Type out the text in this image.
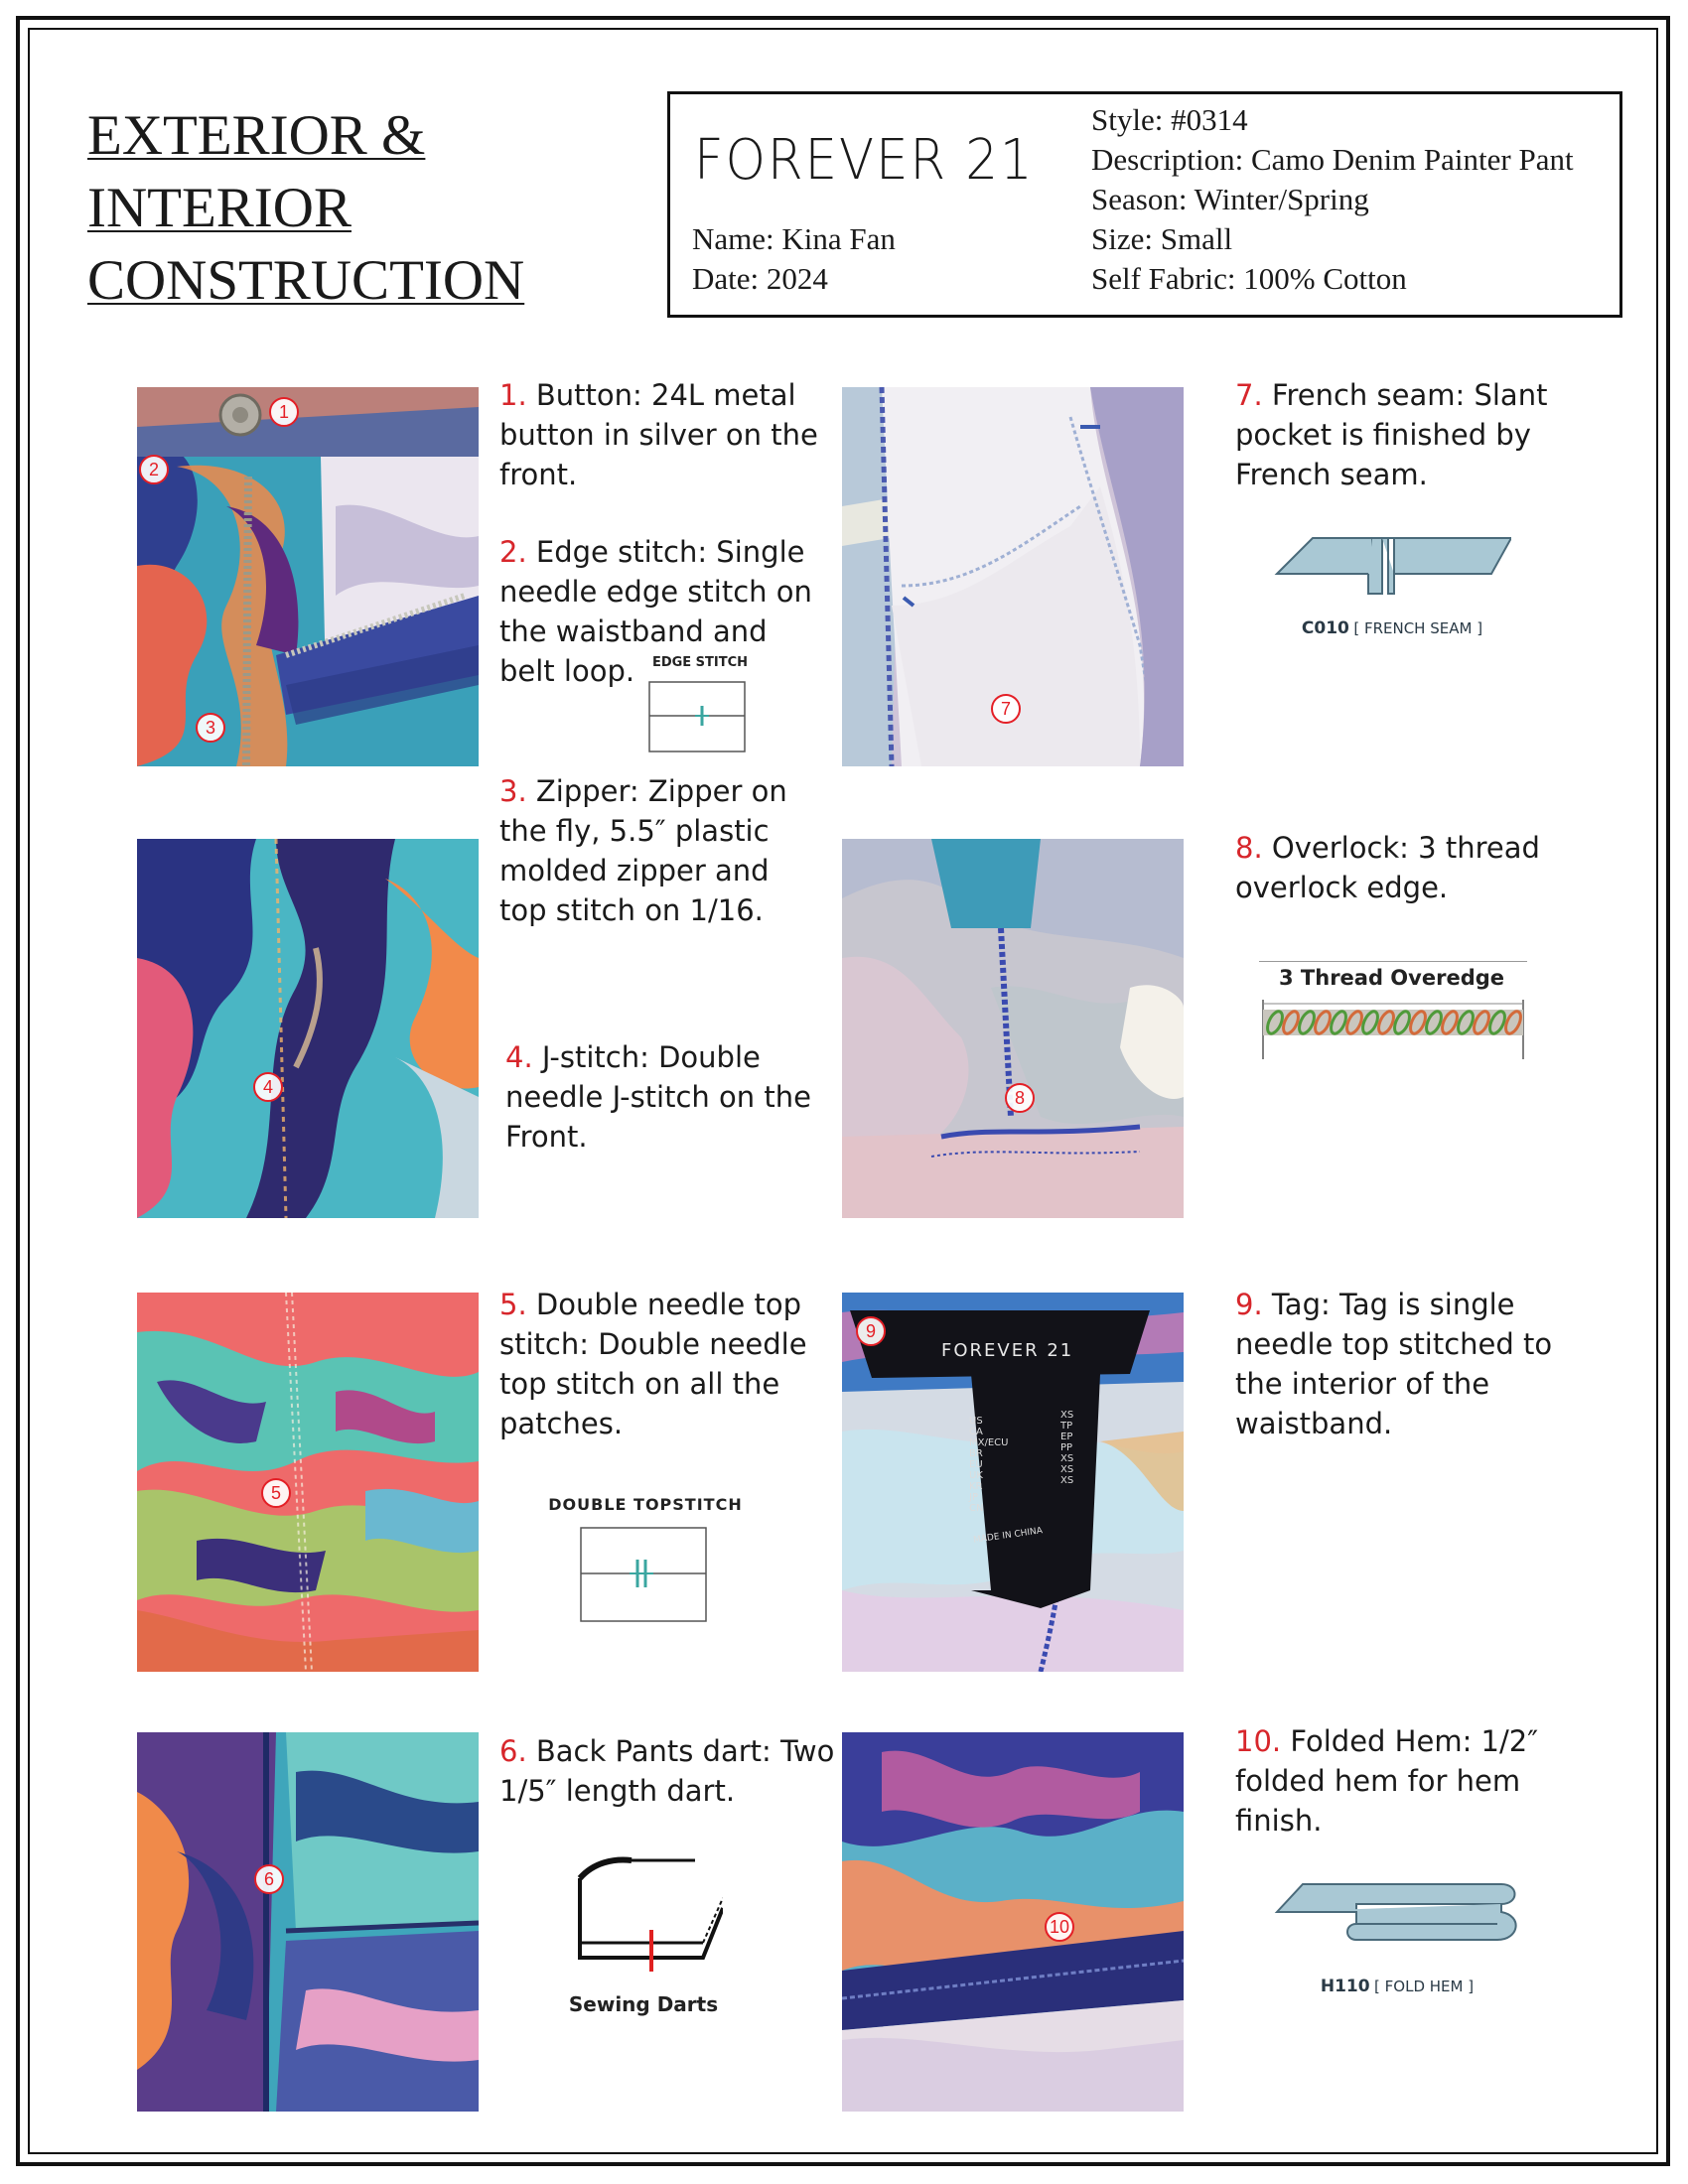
EXTERIOR &
INTERIOR
CONSTRUCTION
FOREVER 21
Name: Kina Fan
Date: 2024
Style: #0314
Description: Camo Denim Painter Pant
Season: Winter/Spring
Size: Small
Self Fabric: 100% Cotton
1
2
3
1. Button: 24L metal
button in silver on the
front.
2. Edge stitch: Single
needle edge stitch on
the waistband and
belt loop.	EDGE STITCH
3. Zipper: Zipper on
the fly, 5.5″ plastic
molded zipper and
top stitch on 1/16.
4
4. J-stitch: Double
needle J-stitch on the
Front.
5
5. Double needle top
stitch: Double needle
top stitch on all the
patches.
DOUBLE TOPSTITCH
6
6. Back Pants dart: Two
1/5″ length dart.
Sewing Darts
7
7. French seam: Slant
pocket is finished by
French seam.
C010 [ FRENCH SEAM ]
8
8. Overlock: 3 thread
overlock edge.
3 Thread Overedge
9
FOREVER 21
US
CA
MX/ECU
BR
EU
UK
KR
JP
CN
XS
TP
EP
PP
XS
XS
XS
MADE IN CHINA
9. Tag: Tag is single
needle top stitched to
the interior of the
waistband.
10
10. Folded Hem: 1/2″
folded hem for hem
finish.
H110 [ FOLD HEM ]
